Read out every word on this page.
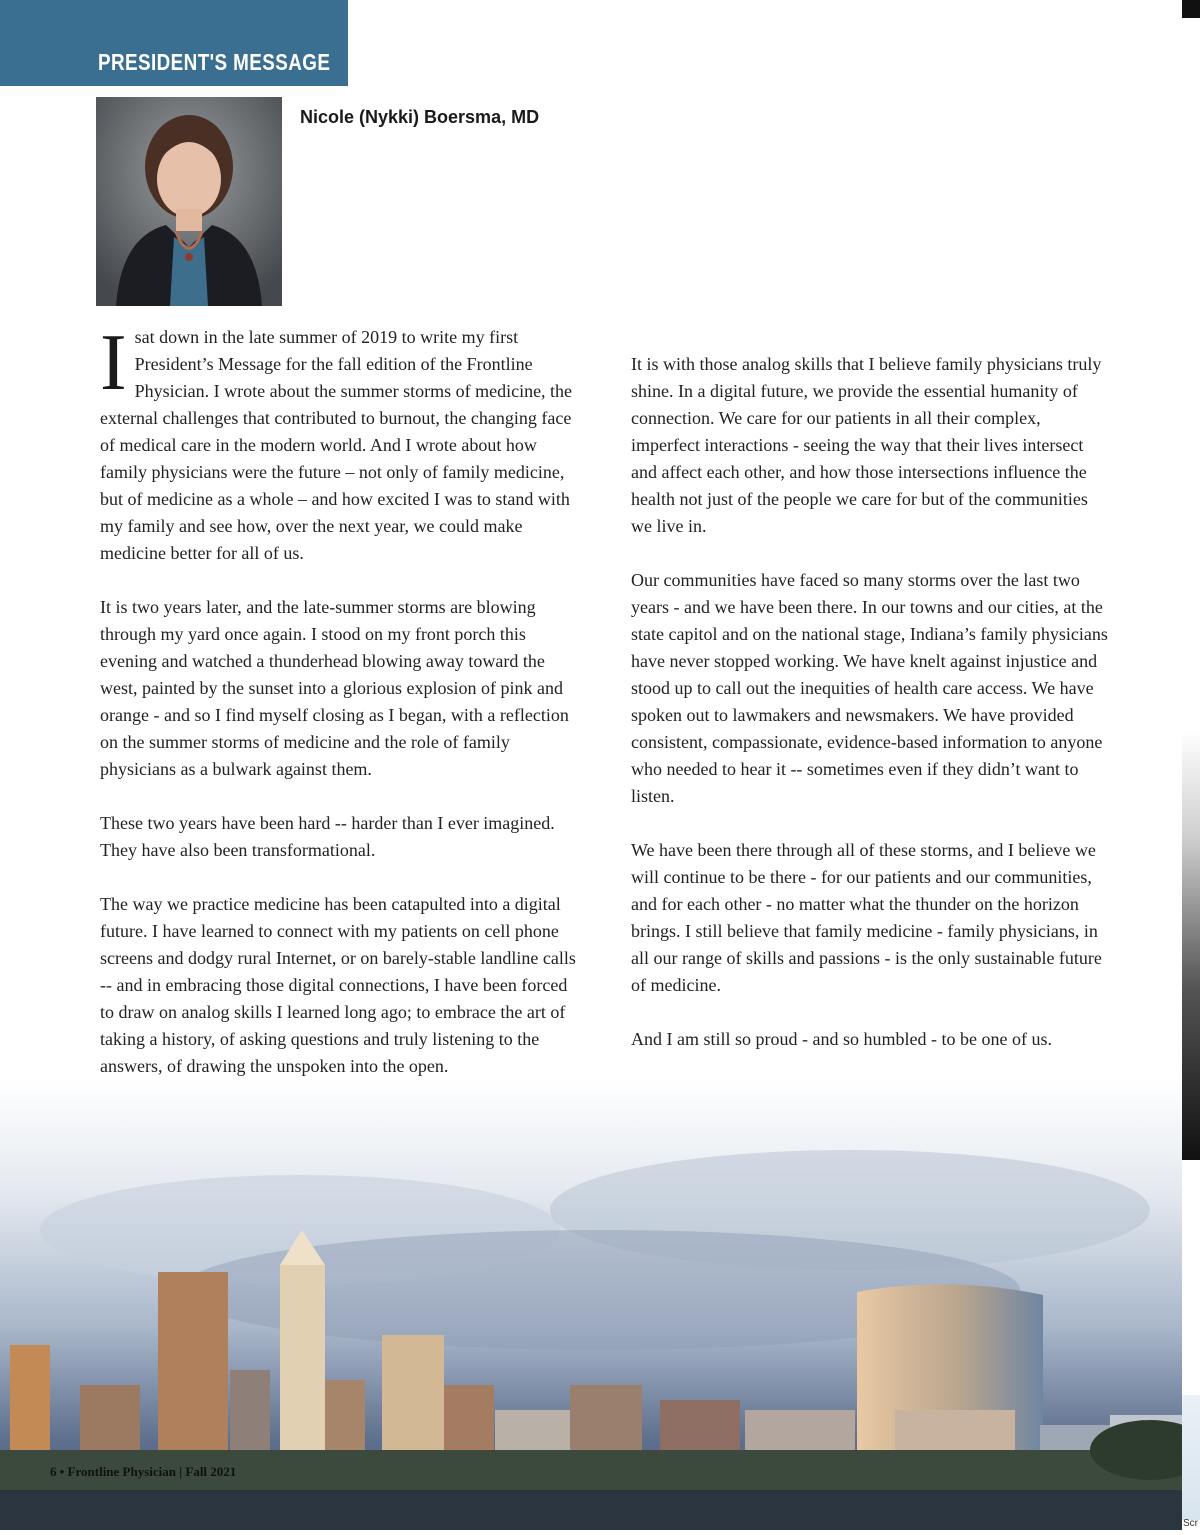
PRESIDENT'S MESSAGE
Nicole (Nykki) Boersma, MD

Isat down in the late summer of 2019 to write my first President’s Message for the fall edition of the Frontline Physician. I wrote about the summer storms of medicine, the external challenges that contributed to burnout, the changing face of medical care in the modern world. And I wrote about how family physicians were the future – not only of family medicine, but of medicine as a whole – and how excited I was to stand with my family and see how, over the next year, we could make medicine better for all of us.

It is two years later, and the late-summer storms are blowing through my yard once again. I stood on my front porch this evening and watched a thunderhead blowing away toward the west, painted by the sunset into a glorious explosion of pink and orange - and so I find myself closing as I began, with a reflection on the summer storms of medicine and the role of family physicians as a bulwark against them.

These two years have been hard -- harder than I ever imagined. They have also been transformational.

The way we practice medicine has been catapulted into a digital future. I have learned to connect with my patients on cell phone screens and dodgy rural Internet, or on barely-stable landline calls -- and in embracing those digital connections, I have been forced to draw on analog skills I learned long ago; to embrace the art of taking a history, of asking questions and truly listening to the answers, of drawing the unspoken into the open.

It is with those analog skills that I believe family physicians truly shine. In a digital future, we provide the essential humanity of connection. We care for our patients in all their complex, imperfect interactions - seeing the way that their lives intersect and affect each other, and how those intersections influence the health not just of the people we care for but of the communities we live in.

Our communities have faced so many storms over the last two years - and we have been there. In our towns and our cities, at the state capitol and on the national stage, Indiana’s family physicians have never stopped working. We have knelt against injustice and stood up to call out the inequities of health care access. We have spoken out to lawmakers and newsmakers. We have provided consistent, compassionate, evidence-based information to anyone who needed to hear it -- sometimes even if they didn’t want to listen.

We have been there through all of these storms, and I believe we will continue to be there - for our patients and our communities, and for each other - no matter what the thunder on the horizon brings. I still believe that family medicine - family physicians, in all our range of skills and passions - is the only sustainable future of medicine.

And I am still so proud - and so humbled - to be one of us.

6 • Frontline Physician | Fall 2021
Scr
